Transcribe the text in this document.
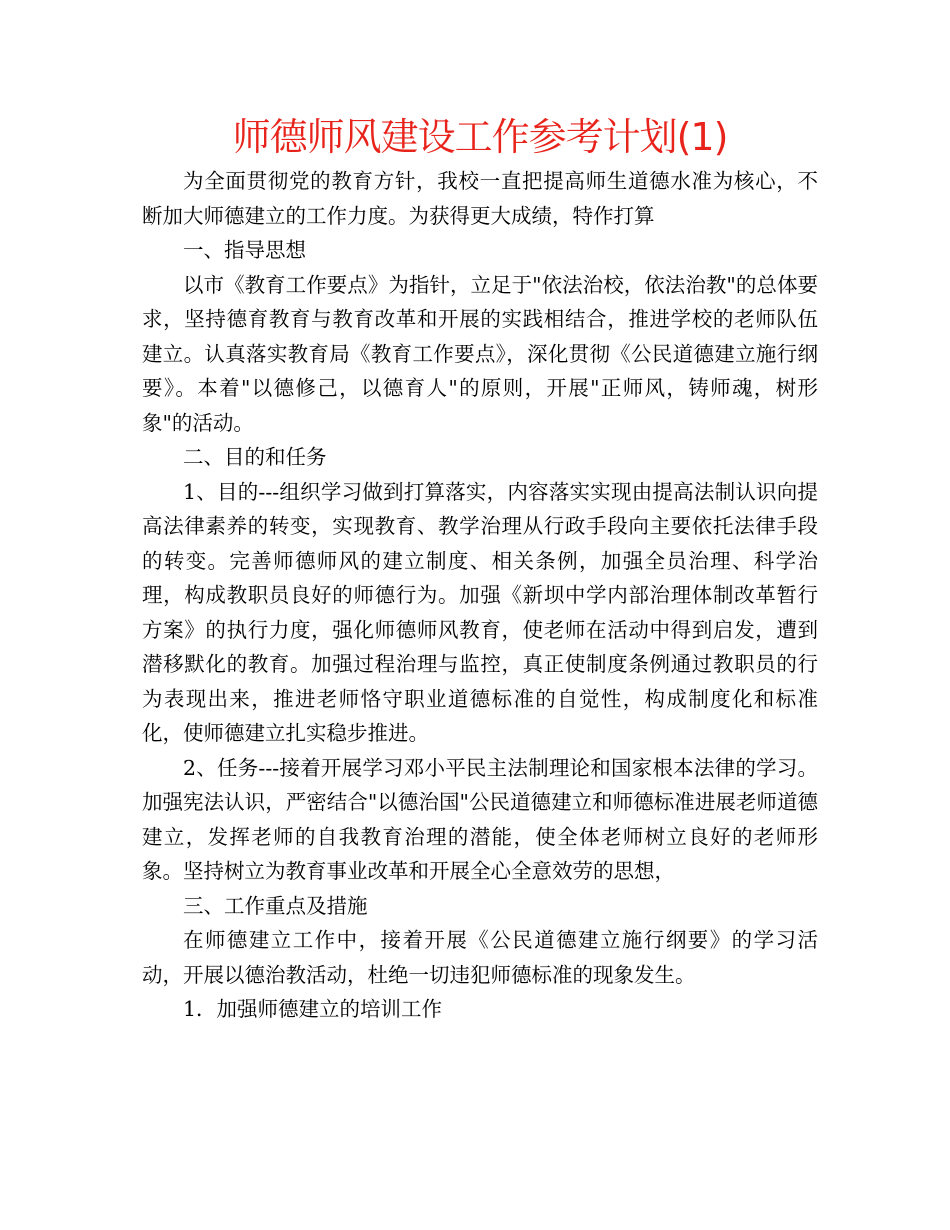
师德师风建设工作参考计划(1)

为全面贯彻党的教育方针，我校一直把提高师生道德水准为核心，不断加大师德建立的工作力度。为获得更大成绩，特作打算

一、指导思想

以市《教育工作要点》为指针，立足于"依法治校，依法治教"的总体要求，坚持德育教育与教育改革和开展的实践相结合，推进学校的老师队伍建立。认真落实教育局《教育工作要点》，深化贯彻《公民道德建立施行纲要》。本着"以德修己，以德育人"的原则，开展"正师风，铸师魂，树形象"的活动。

二、目的和任务

1、目的---组织学习做到打算落实，内容落实实现由提高法制认识向提高法律素养的转变，实现教育、教学治理从行政手段向主要依托法律手段的转变。完善师德师风的建立制度、相关条例，加强全员治理、科学治理，构成教职员良好的师德行为。加强《新坝中学内部治理体制改革暂行方案》的执行力度，强化师德师风教育，使老师在活动中得到启发，遭到潜移默化的教育。加强过程治理与监控，真正使制度条例通过教职员的行为表现出来，推进老师恪守职业道德标准的自觉性，构成制度化和标准化，使师德建立扎实稳步推进。

2、任务---接着开展学习邓小平民主法制理论和国家根本法律的学习。加强宪法认识，严密结合"以德治国"公民道德建立和师德标准进展老师道德建立，发挥老师的自我教育治理的潜能，使全体老师树立良好的老师形象。坚持树立为教育事业改革和开展全心全意效劳的思想，

三、工作重点及措施

在师德建立工作中，接着开展《公民道德建立施行纲要》的学习活动，开展以德治教活动，杜绝一切违犯师德标准的现象发生。

1．加强师德建立的培训工作
